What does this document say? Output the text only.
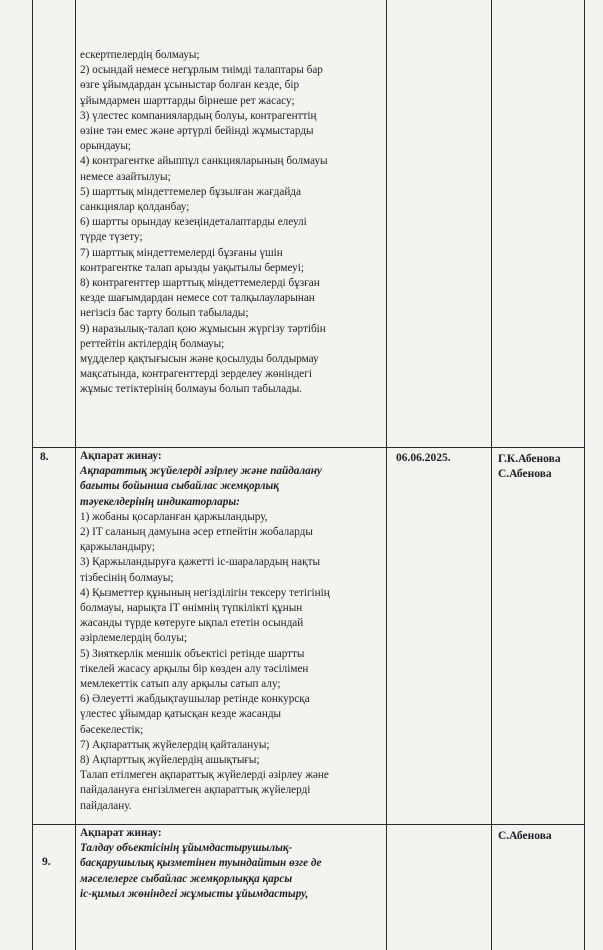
ескертпелердің болмауы;
2) осындай немесе негұрлым тиімді талаптары бар
өзге ұйымдардан ұсыныстар болған кезде, бір
ұйымдармен шарттарды бірнеше рет жасасу;
3) үлестес компаниялардың болуы, контрагенттің
өзіне тән емес және әртүрлі бейінді жұмыстарды
орындауы;
4) контрагентке айыппұл санкцияларының болмауы
немесе азайтылуы;
5) шарттық міндеттемелер бұзылған жағдайда
санкциялар қолданбау;
6) шартты орындау кезеңіндеталаптарды елеулі
түрде түзету;
7) шарттық міндеттемелерді бұзғаны үшін
контрагентке талап арызды уақытылы бермеуі;
8) контрагенттер шарттық міндеттемелерді бұзған
кезде шағымдардан немесе сот талқылауларынан
негізсіз бас тарту болып табылады;
9) наразылық-талап қою жұмысын жүргізу тәртібін
реттейтін актілердің болмауы;
мүдделер қақтығысын және қосылуды болдырмау
мақсатында, контрагенттерді зерделеу жөніндегі
жұмыс тетіктерінің болмауы болып табылады.
8.	Ақпарат жинау:
Ақпараттық жүйелерді әзірлеу және пайдалану
бағыты бойынша сыбайлас жемқорлық
тәуекелдерінің индикаторлары:
1) жобаны қосарланған қаржыландыру,
2) IT саланың дамуына әсер етпейтін жобаларды
қаржыландыру;
3) Қаржыландыруға қажетті іс-шаралардың нақты
тізбесінің болмауы;
4) Қызметтер құнының негізділігін тексеру тетігінің
болмауы, нарықта IT өнімнің түпкілікті құнын
жасанды түрде көтеруге ықпал ететін осындай
әзірлемелердің болуы;
5) Зияткерлік меншік объектісі ретінде шартты
тікелей жасасу арқылы бір көзден алу тәсілімен
мемлекеттік сатып алу арқылы сатып алу;
6) Әлеуетті жабдықтаушылар ретінде конкурсқа
үлестес ұйымдар қатысқан кезде жасанды
бәсекелестік;
7) Ақпараттық жүйелердің қайталануы;
8) Ақпарттық жүйелердің ашықтығы;
Талап етілмеген ақпараттық жүйелерді әзірлеу және
пайдалануға енгізілмеген ақпараттық жүйелерді
пайдалану.
06.06.2025.	Г.К.Абенова
С.Абенова
9.
Ақпарат жинау:
Талдау объектісінің ұйымдастырушылық-
басқарушылық қызметінен туындайтын өзге де
мәселелерге сыбайлас жемқорлыққа қарсы
іс-қимыл жөніндегі жұмысты ұйымдастыру,
С.Абенова
